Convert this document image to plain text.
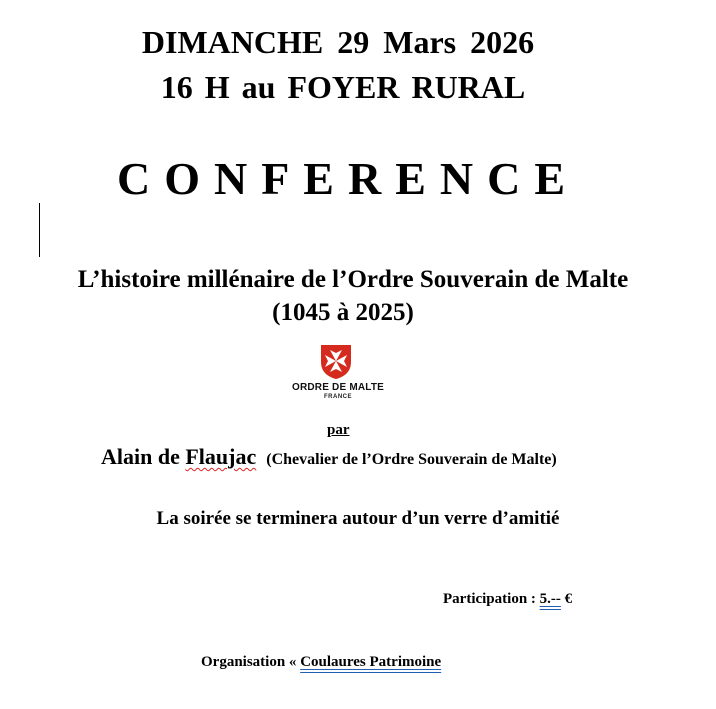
DIMANCHE 29 Mars 2026
16 H au FOYER RURAL
CONFERENCE
L’histoire millénaire de l’Ordre Souverain de Malte
(1045 à 2025)
ORDRE DE MALTE
FRANCE
par
Alain de Flaujac (Chevalier de l’Ordre Souverain de Malte)
La soirée se terminera autour d’un verre d’amitié
Participation : 5.-- €
Organisation « Coulaures Patrimoine
